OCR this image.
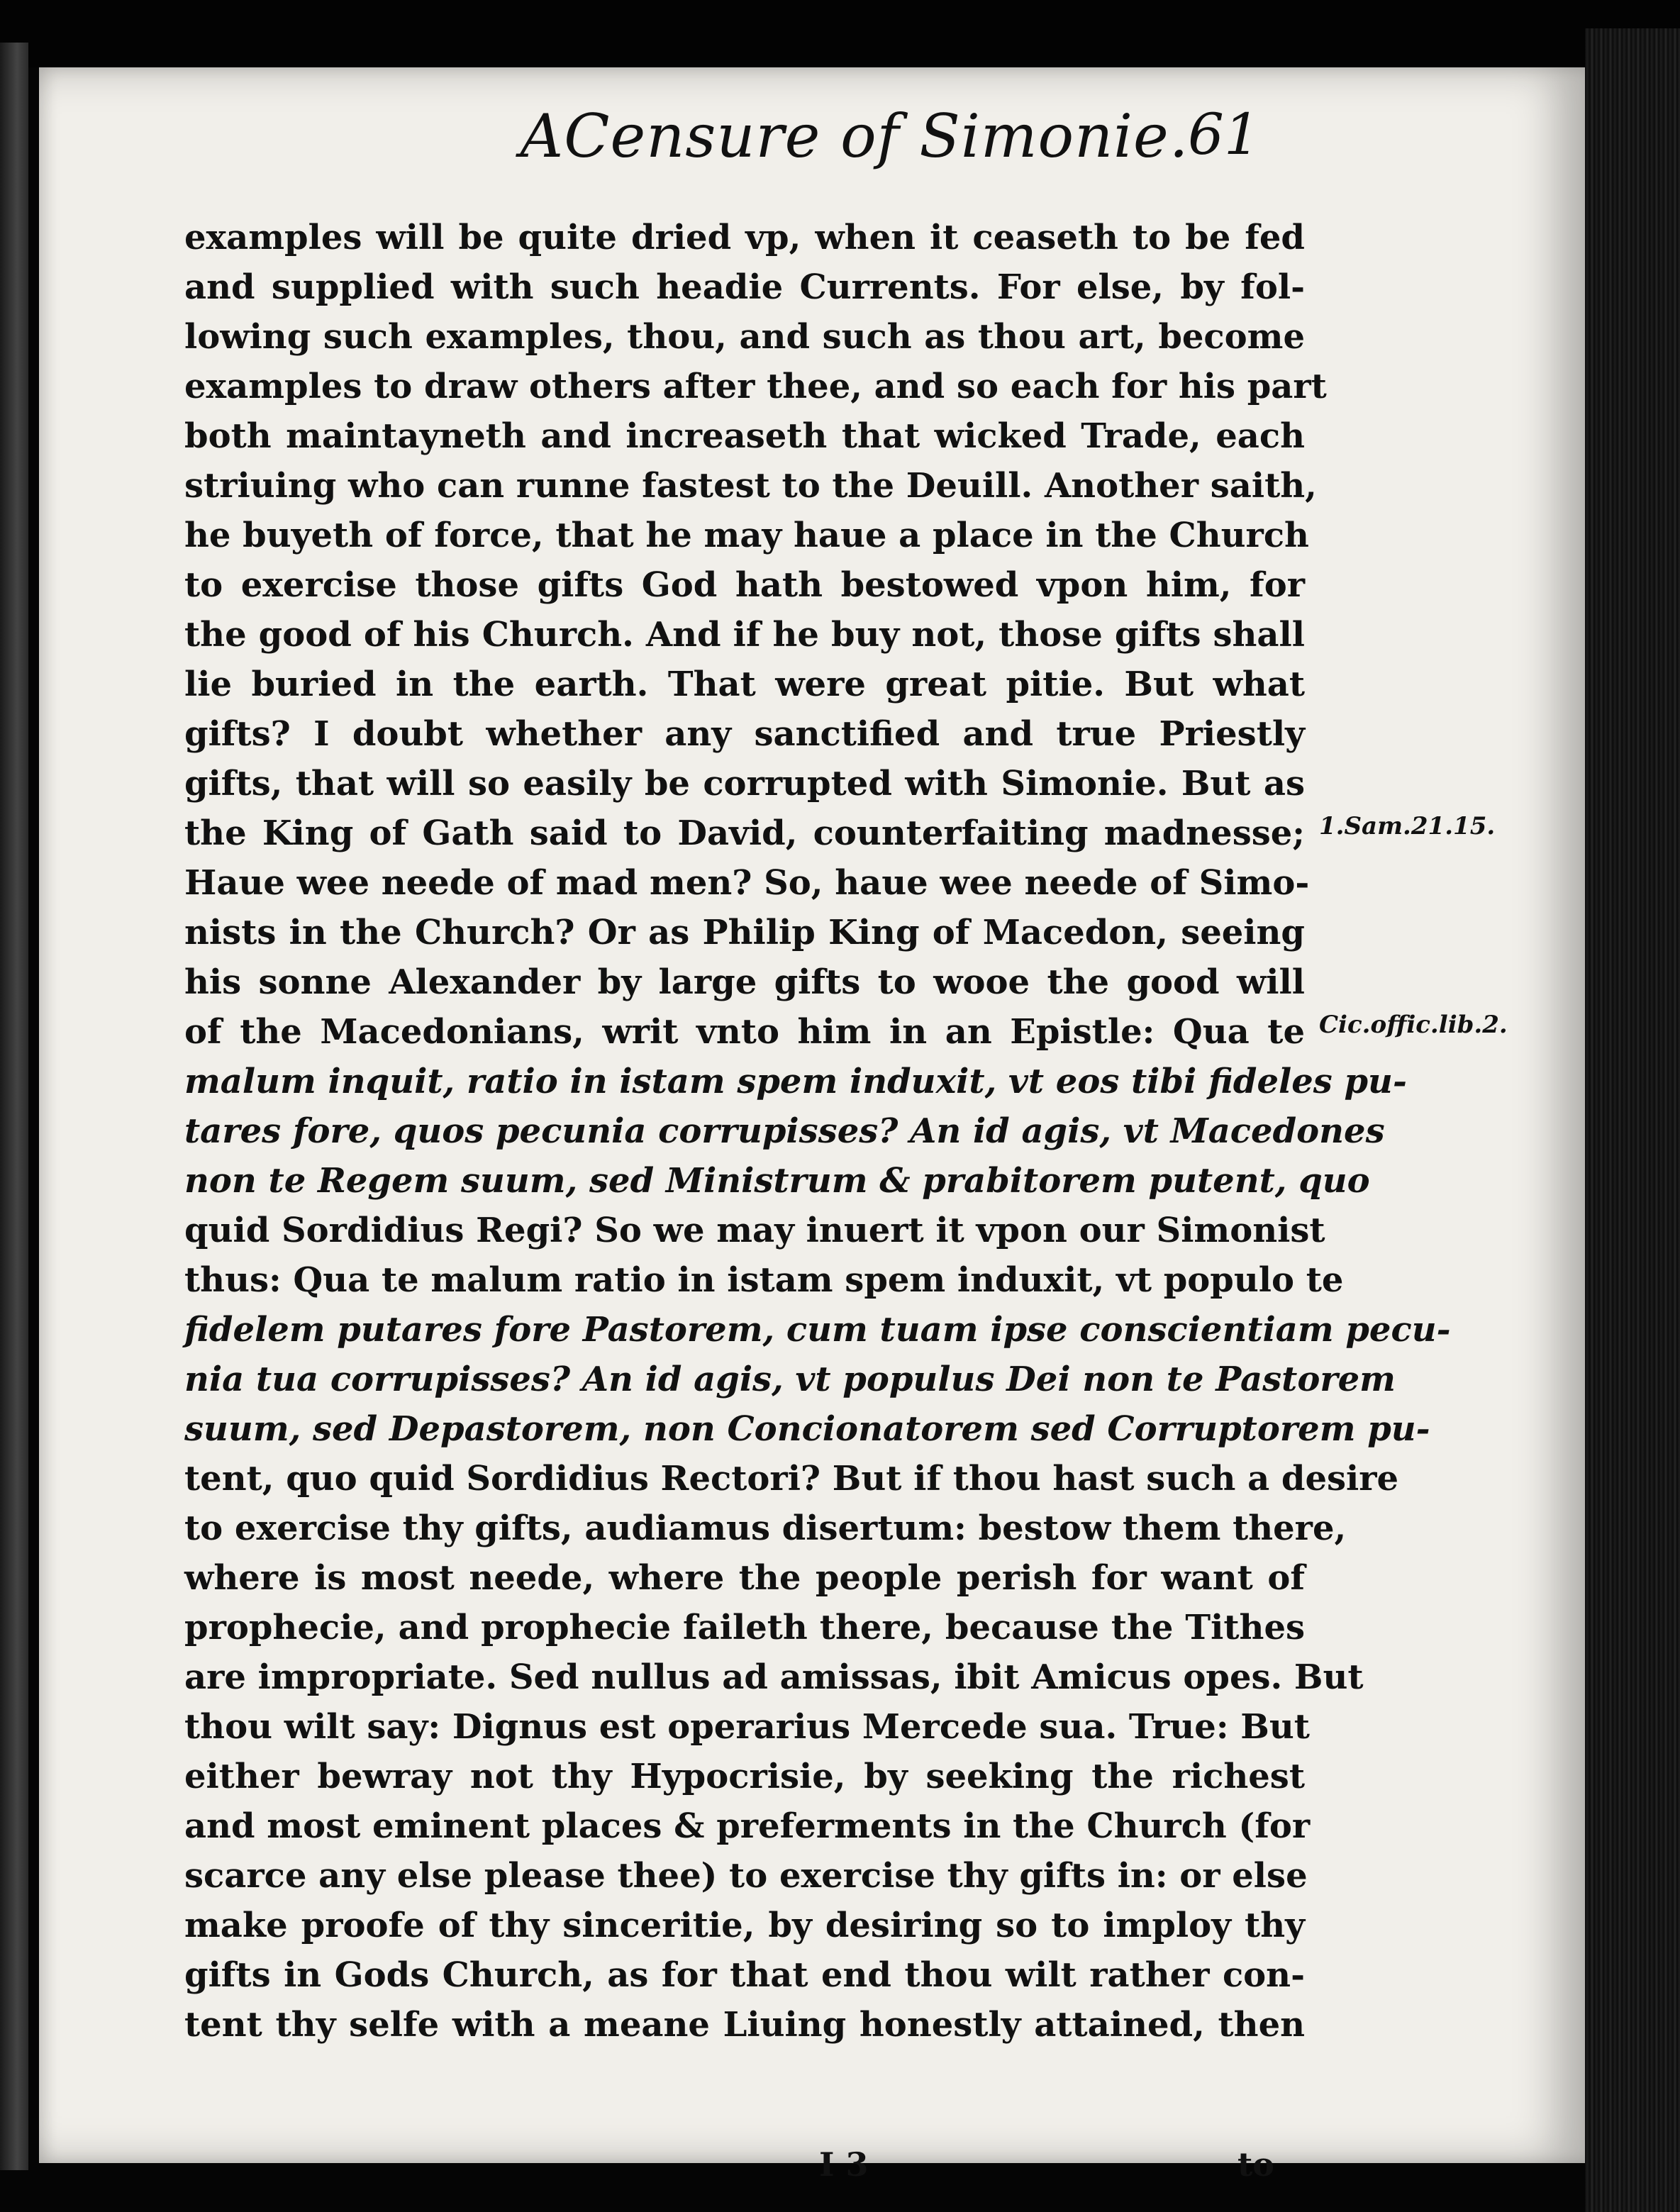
ACensure of Simonie.
61
examples will be quite dried vp, when it ceaseth to be fed
and supplied with such headie Currents. For else, by fol-
lowing such examples, thou, and such as thou art, become
examples to draw others after thee, and so each for his part
both maintayneth and increaseth that wicked Trade, each
striuing who can runne fastest to the Deuill. Another saith,
he buyeth of force, that he may haue a place in the Church
to exercise those gifts God hath bestowed vpon him, for
the good of his Church. And if he buy not, those gifts shall
lie buried in the earth. That were great pitie. But what
gifts? I doubt whether any sanctified and true Priestly
gifts, that will so easily be corrupted with Simonie. But as
the King of Gath said to David, counterfaiting madnesse;
Haue wee neede of mad men? So, haue wee neede of Simo-
nists in the Church? Or as Philip King of Macedon, seeing
his sonne Alexander by large gifts to wooe the good will
of the Macedonians, writ vnto him in an Epistle: Qua te
malum inquit, ratio in istam spem induxit, vt eos tibi fideles pu-
tares fore, quos pecunia corrupisses? An id agis, vt Macedones
non te Regem suum, sed Ministrum & prabitorem putent, quo
quid Sordidius Regi? So we may inuert it vpon our Simonist
thus: Qua te malum ratio in istam spem induxit, vt populo te
fidelem putares fore Pastorem, cum tuam ipse conscientiam pecu-
nia tua corrupisses? An id agis, vt populus Dei non te Pastorem
suum, sed Depastorem, non Concionatorem sed Corruptorem pu-
tent, quo quid Sordidius Rectori? But if thou hast such a desire
to exercise thy gifts, audiamus disertum: bestow them there,
where is most neede, where the people perish for want of
prophecie, and prophecie faileth there, because the Tithes
are impropriate. Sed nullus ad amissas, ibit Amicus opes. But
thou wilt say: Dignus est operarius Mercede sua. True: But
either bewray not thy Hypocrisie, by seeking the richest
and most eminent places & preferments in the Church (for
scarce any else please thee) to exercise thy gifts in: or else
make proofe of thy sinceritie, by desiring so to imploy thy
gifts in Gods Church, as for that end thou wilt rather con-
tent thy selfe with a meane Liuing honestly attained, then
1.Sam.21.15.
Cic.offic.lib.2.
I 3	to
